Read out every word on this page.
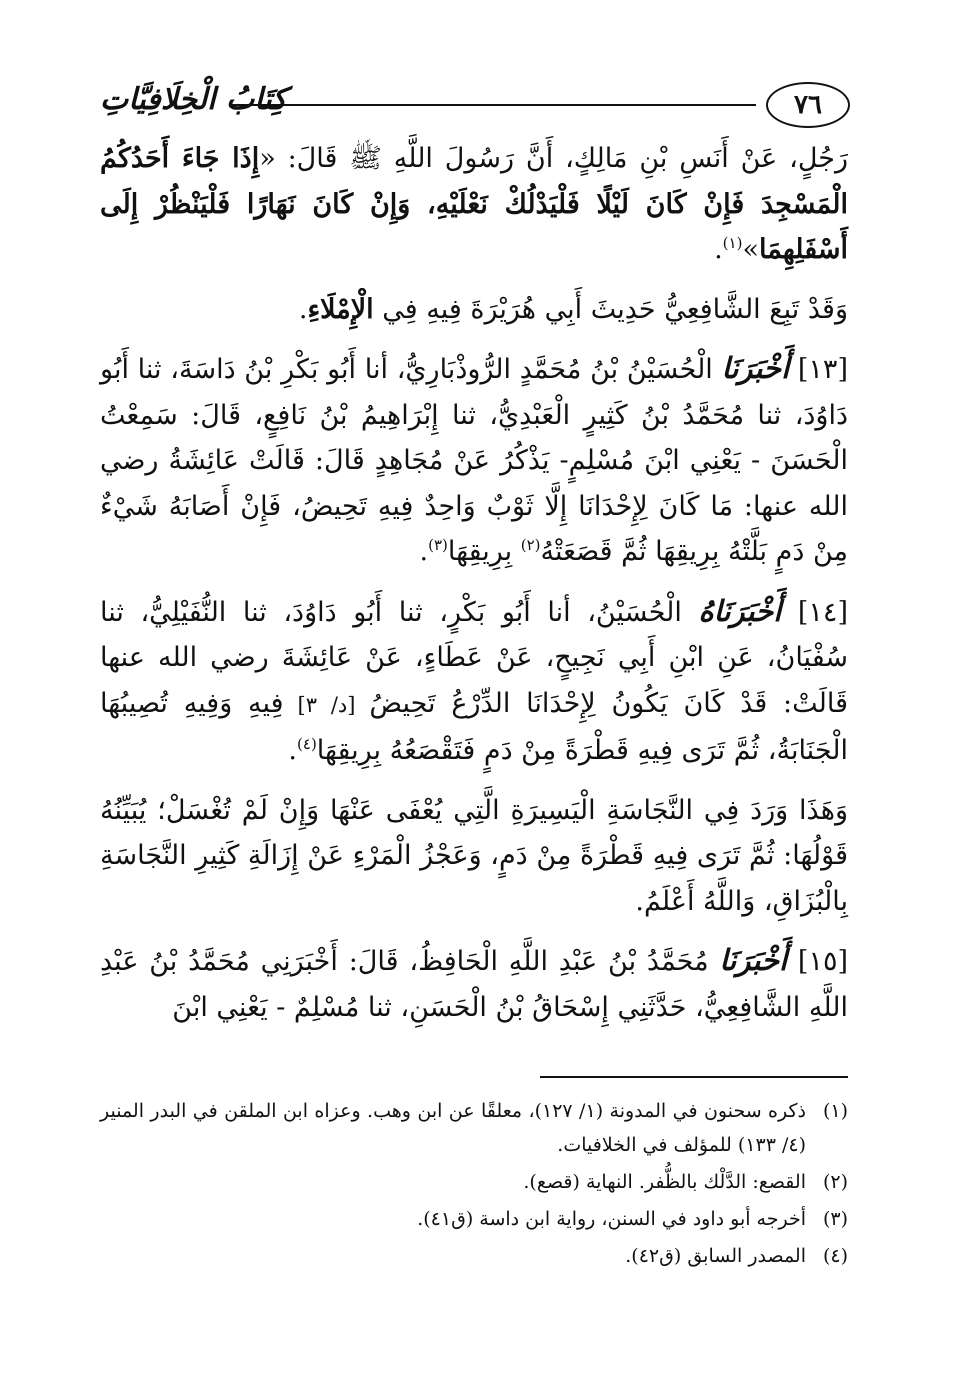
٧٦
كِتَابُ الْخِلَافِيَّاتِ

رَجُلٍ، عَنْ أَنَسِ بْنِ مَالِكٍ، أَنَّ رَسُولَ اللَّهِ ﷺ قَالَ: «إِذَا جَاءَ أَحَدُكُمُ الْمَسْجِدَ فَإِنْ كَانَ لَيْلًا فَلْيَدْلُكْ نَعْلَيْهِ، وَإِنْ كَانَ نَهَارًا فَلْيَنْظُرْ إِلَى أَسْفَلِهِمَا»$^{(١)}$.

وَقَدْ تَبِعَ الشَّافِعِيُّ حَدِيثَ أَبِي هُرَيْرَةَ فِيهِ فِي الْإِمْلَاءِ.

[١٣] أَخْبَرَنَا الْحُسَيْنُ بْنُ مُحَمَّدٍ الرُّوذْبَارِيُّ، أنا أَبُو بَكْرِ بْنُ دَاسَةَ، ثنا أَبُو دَاوُدَ، ثنا مُحَمَّدُ بْنُ كَثِيرٍ الْعَبْدِيُّ، ثنا إِبْرَاهِيمُ بْنُ نَافِعٍ، قَالَ: سَمِعْتُ الْحَسَنَ - يَعْنِي ابْنَ مُسْلِمٍ- يَذْكُرُ عَنْ مُجَاهِدٍ قَالَ: قَالَتْ عَائِشَةُ رضي الله عنها: مَا كَانَ لِإِحْدَانَا إِلَّا ثَوْبٌ وَاحِدٌ فِيهِ تَحِيضُ، فَإِنْ أَصَابَهُ شَيْءٌ مِنْ دَمٍ بَلَّتْهُ بِرِيقِهَا ثُمَّ قَصَعَتْهُ$^{(٢)}$ بِرِيقِهَا$^{(٣)}$.

[١٤] أَخْبَرَنَاهُ الْحُسَيْنُ، أنا أَبُو بَكْرٍ، ثنا أَبُو دَاوُدَ، ثنا النُّفَيْلِيُّ، ثنا سُفْيَانُ، عَنِ ابْنِ أَبِي نَجِيحٍ، عَنْ عَطَاءٍ، عَنْ عَائِشَةَ رضي الله عنها قَالَتْ: قَدْ كَانَ يَكُونُ لِإِحْدَانَا الدِّرْعُ تَحِيضُ [د/ ٣] فِيهِ وَفِيهِ تُصِيبُهَا الْجَنَابَةُ، ثُمَّ تَرَى فِيهِ قَطْرَةً مِنْ دَمٍ فَتَقْصَعُهُ بِرِيقِهَا$^{(٤)}$.

وَهَذَا وَرَدَ فِي النَّجَاسَةِ الْيَسِيرَةِ الَّتِي يُعْفَى عَنْهَا وَإِنْ لَمْ تُغْسَلْ؛ يُبَيِّنُهُ قَوْلُهَا: ثُمَّ تَرَى فِيهِ قَطْرَةً مِنْ دَمٍ، وَعَجْزُ الْمَرْءِ عَنْ إِزَالَةِ كَثِيرِ النَّجَاسَةِ بِالْبُزَاقِ، وَاللَّهُ أَعْلَمُ.

[١٥] أَخْبَرَنَا مُحَمَّدُ بْنُ عَبْدِ اللَّهِ الْحَافِظُ، قَالَ: أَخْبَرَنِي مُحَمَّدُ بْنُ عَبْدِ اللَّهِ الشَّافِعِيُّ، حَدَّثَنِي إِسْحَاقُ بْنُ الْحَسَنِ، ثنا مُسْلِمٌ - يَعْنِي ابْنَ

(١)
ذكره سحنون في المدونة (١/ ١٢٧)، معلقًا عن ابن وهب. وعزاه ابن الملقن في البدر المنير (٤/ ١٣٣) للمؤلف في الخلافيات.
(٢)
القصع: الدَّلْك بالظُّفر. النهاية (قصع).
(٣)
أخرجه أبو داود في السنن، رواية ابن داسة (ق٤١).
(٤)
المصدر السابق (ق٤٢).
